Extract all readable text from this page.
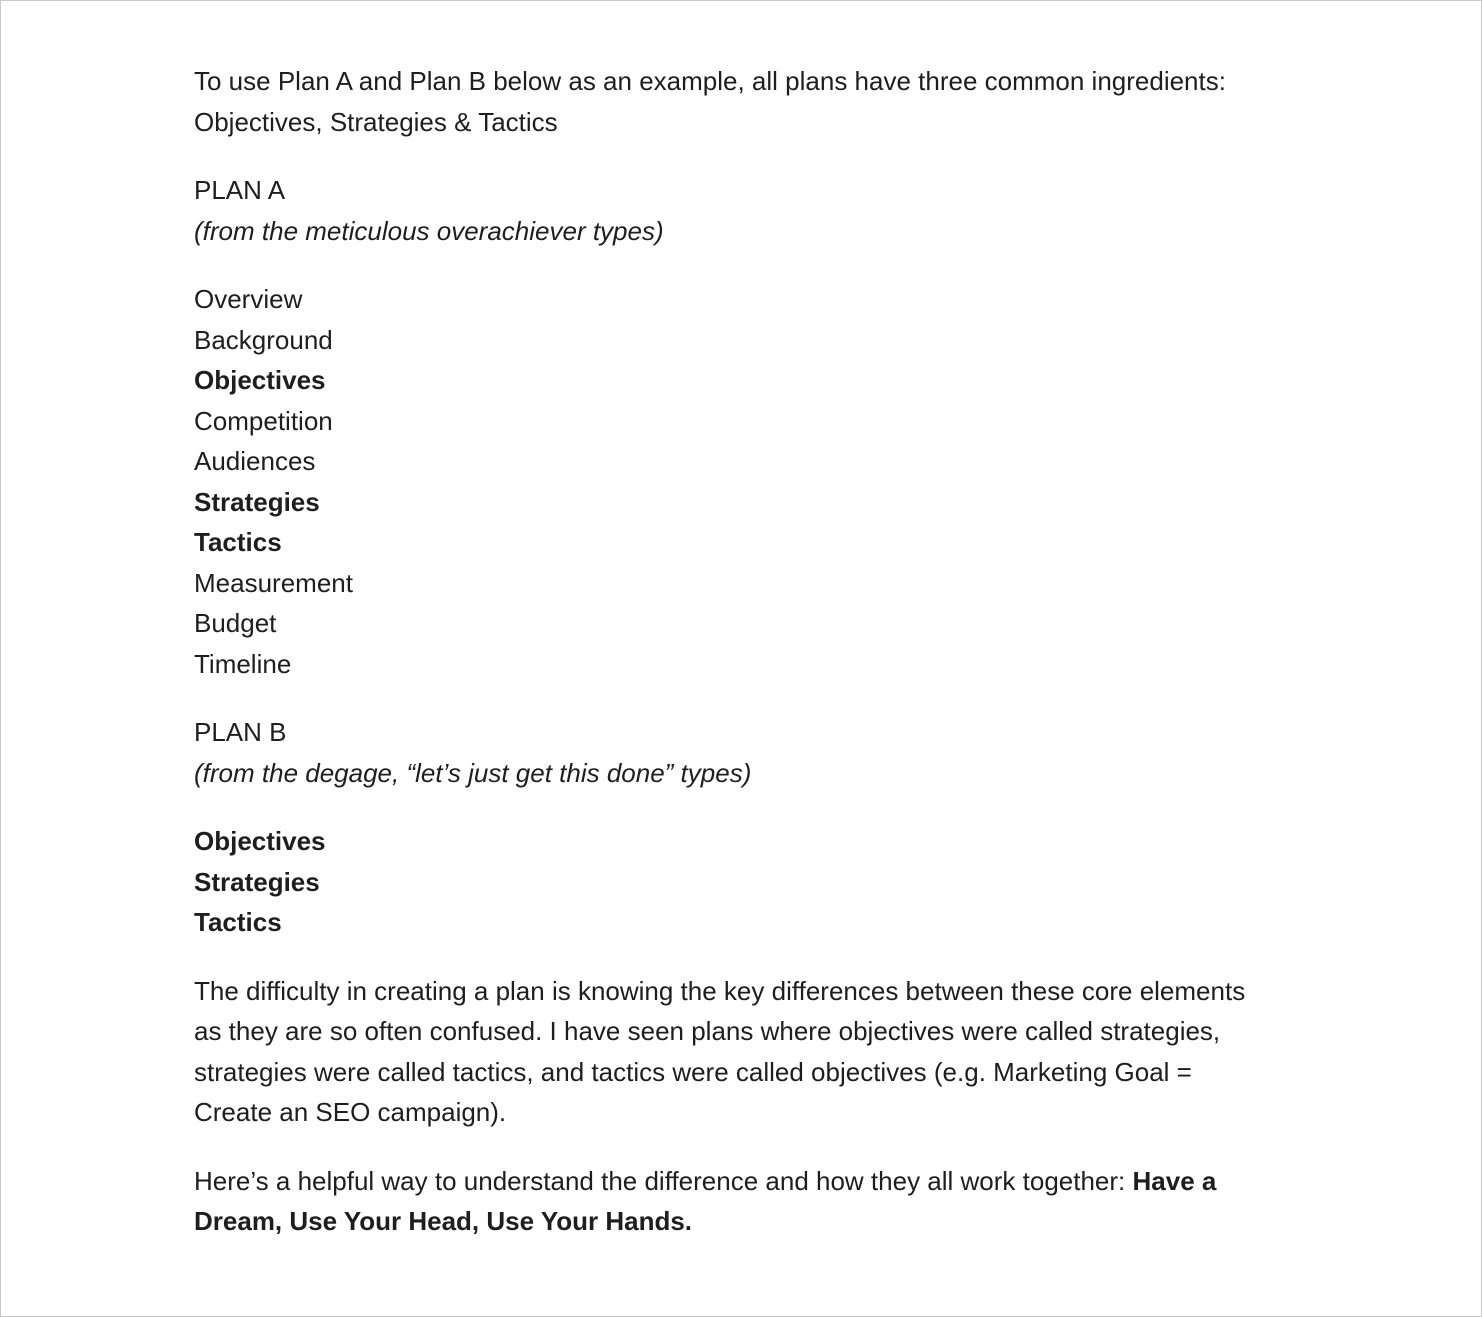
To use Plan A and Plan B below as an example, all plans have three common ingredients:
Objectives, Strategies & Tactics
PLAN A
(from the meticulous overachiever types)
Overview
Background
Objectives
Competition
Audiences
Strategies
Tactics
Measurement
Budget
Timeline
PLAN B
(from the degage, “let’s just get this done” types)
Objectives
Strategies
Tactics
The difficulty in creating a plan is knowing the key differences between these core elements
as they are so often confused. I have seen plans where objectives were called strategies,
strategies were called tactics, and tactics were called objectives (e.g. Marketing Goal =
Create an SEO campaign).
Here’s a helpful way to understand the difference and how they all work together: Have a
Dream, Use Your Head, Use Your Hands.
